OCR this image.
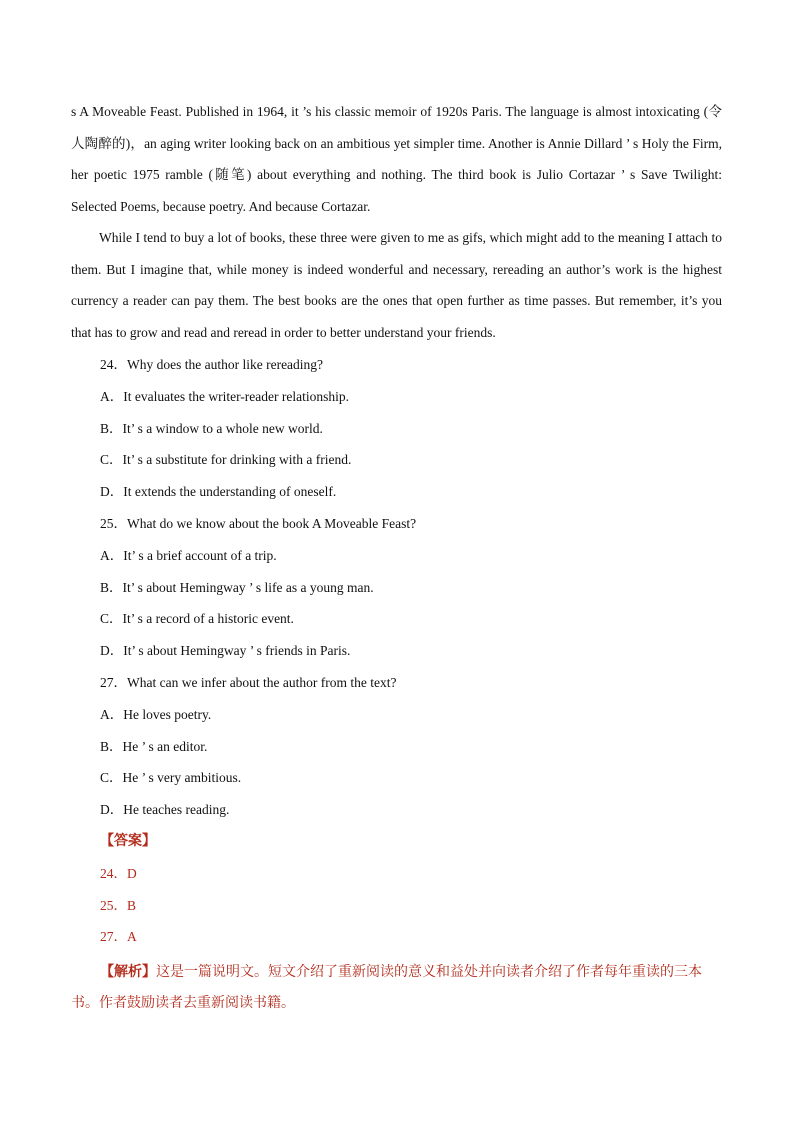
s A Moveable Feast. Published in 1964, it ’s his classic memoir of 1920s Paris. The language is almost intoxicating (令人陶醉的)，an aging writer looking back on an ambitious yet simpler time. Another is Annie Dillard ’ s Holy the Firm, her poetic 1975 ramble (随笔) about everything and nothing. The third book is Julio Cortazar ’ s Save Twilight: Selected Poems, because poetry. And because Cortazar.

While I tend to buy a lot of books, these three were given to me as gifs, which might add to the meaning I attach to them. But I imagine that, while money is indeed wonderful and necessary, rereading an author’s work is the highest currency a reader can pay them. The best books are the ones that open further as time passes. But remember, it’s you that has to grow and read and reread in order to better understand your friends.

24．Why does the author like rereading?
A．It evaluates the writer-reader relationship.
B．It’ s a window to a whole new world.
C．It’ s a substitute for drinking with a friend.
D．It extends the understanding of oneself.
25．What do we know about the book A Moveable Feast?
A．It’ s a brief account of a trip.
B．It’ s about Hemingway ’ s life as a young man.
C．It’ s a record of a historic event.
D．It’ s about Hemingway ’ s friends in Paris.
27．What can we infer about the author from the text?
A．He loves poetry.
B．He ’ s an editor.
C．He ’ s very ambitious.
D．He teaches reading.
【答案】
24．D
25．B
27．A

【解析】这是一篇说明文。短文介绍了重新阅读的意义和益处并向读者介绍了作者每年重读的三本书。作者鼓励读者去重新阅读书籍。
